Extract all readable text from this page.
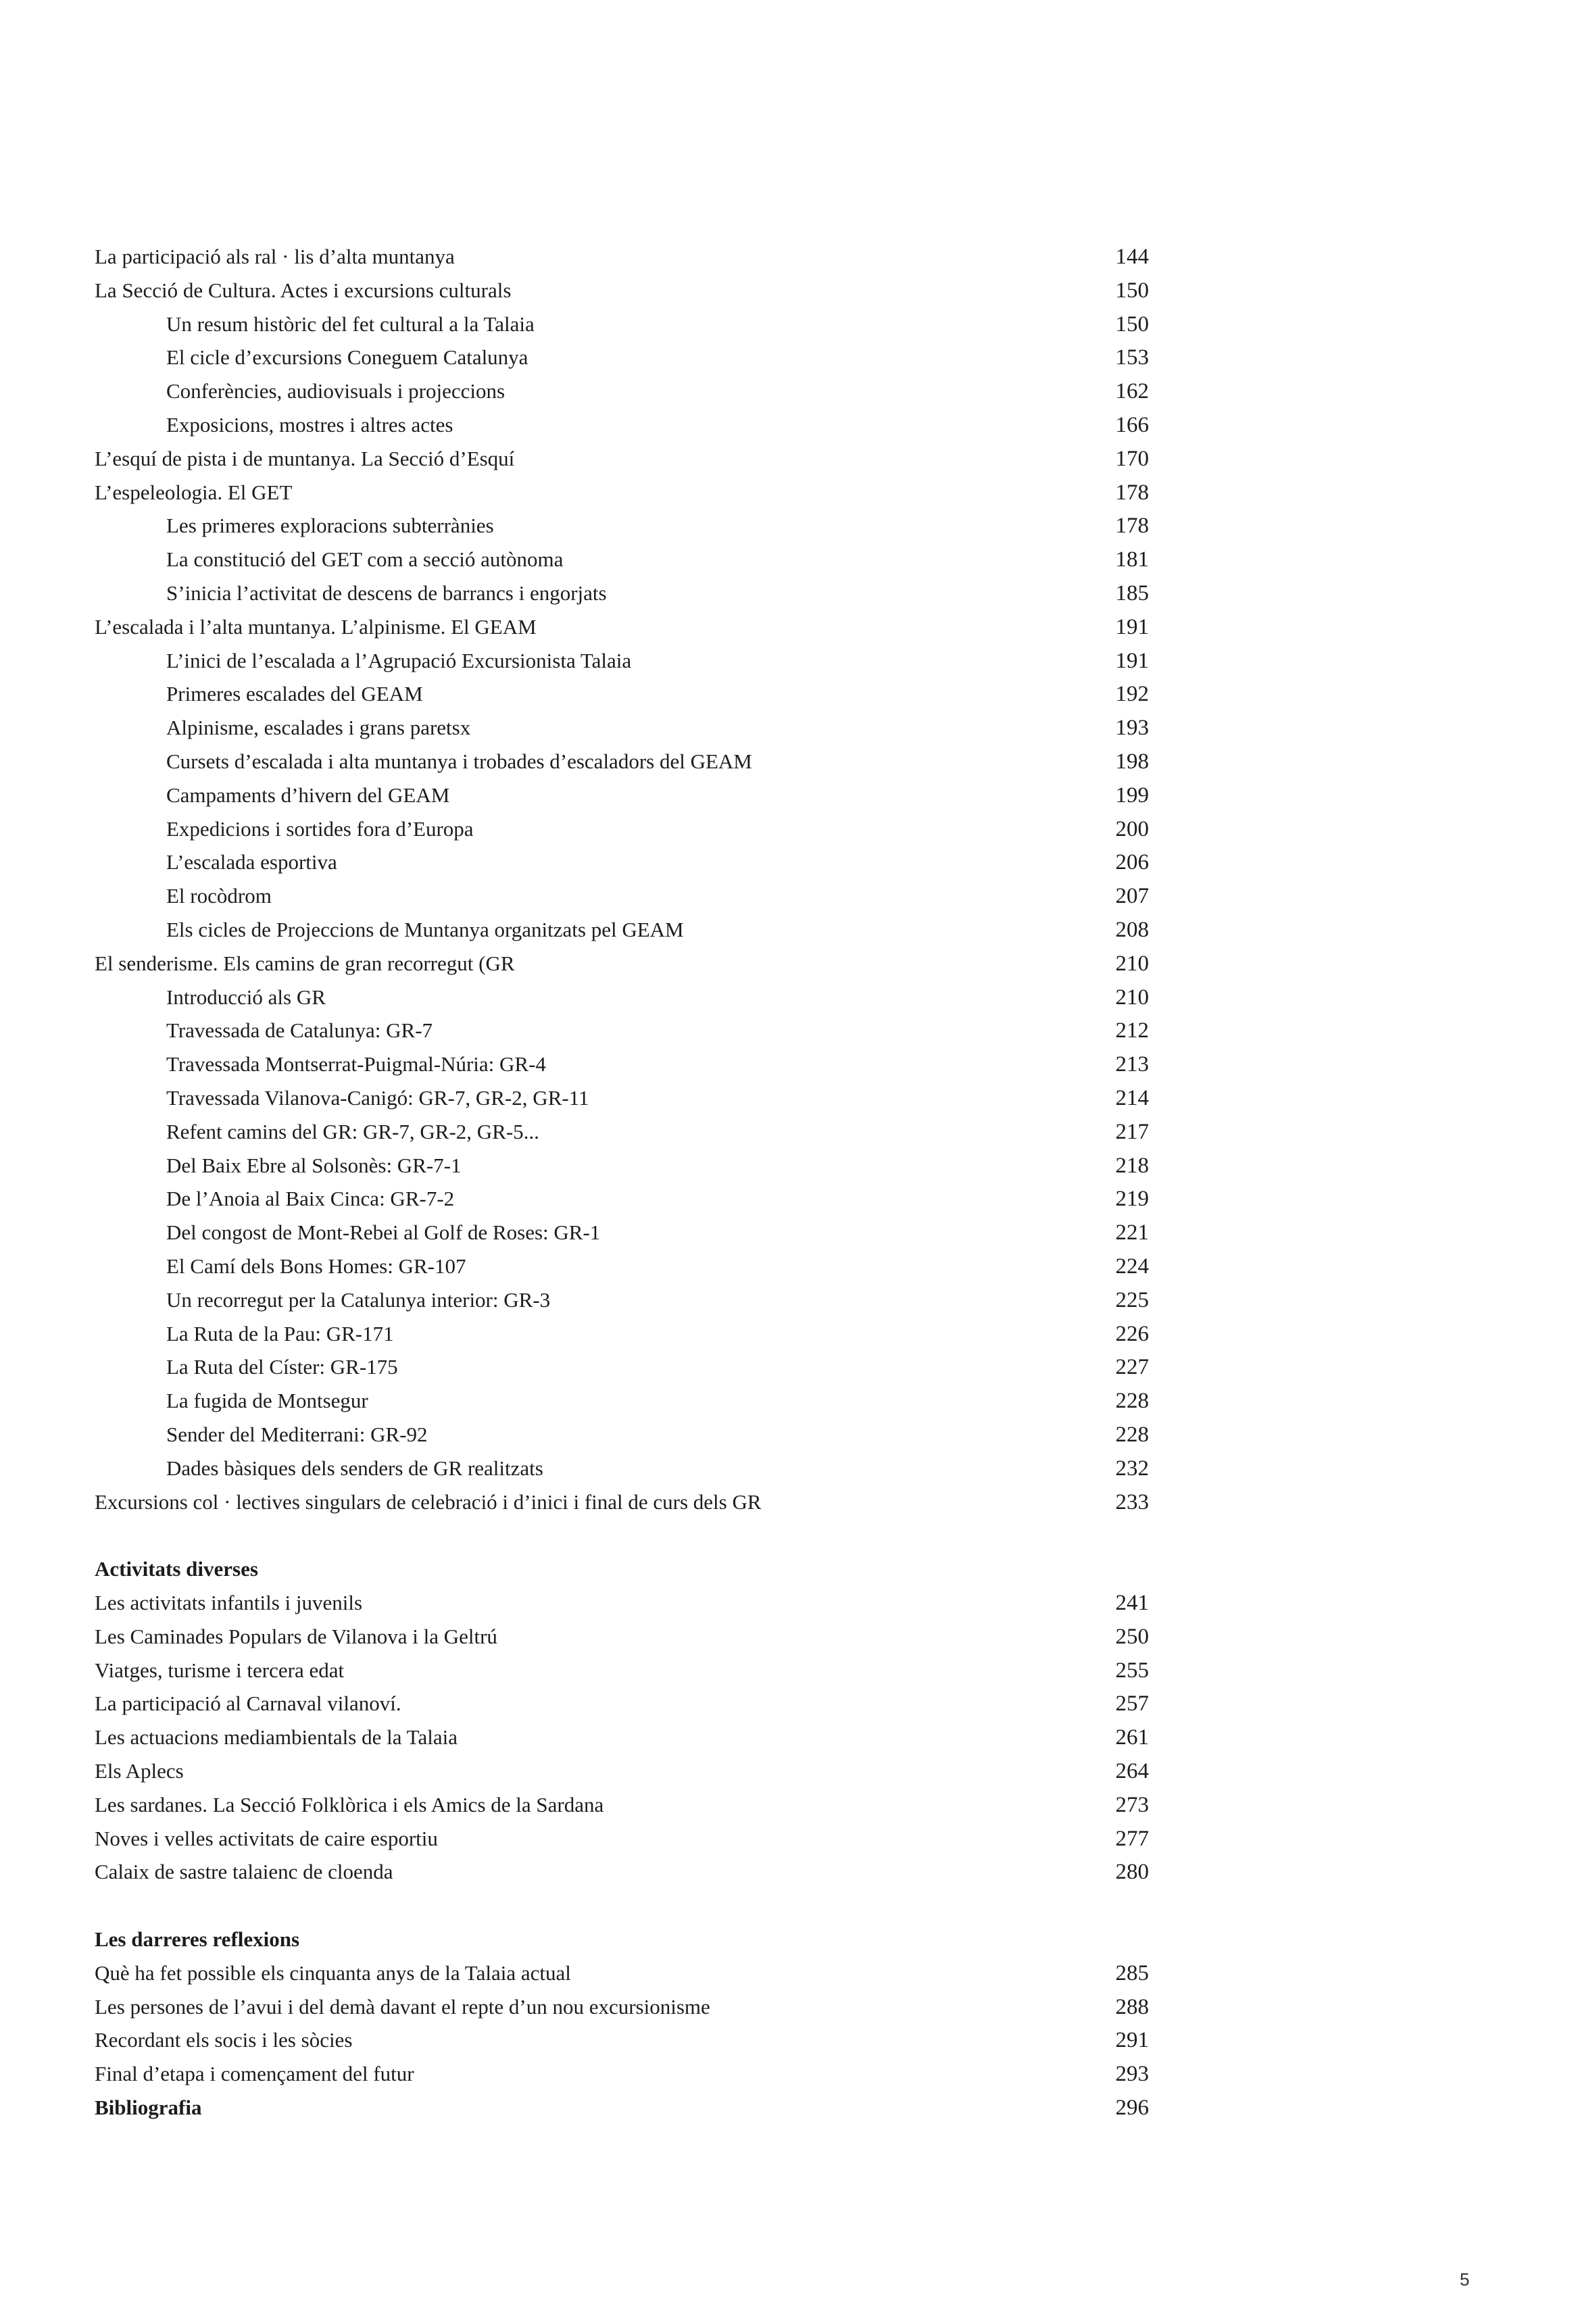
La participació als ral · lis d’alta muntanya	144
La Secció de Cultura. Actes i excursions culturals	150
Un resum històric del fet cultural a la Talaia	150
El cicle d’excursions Coneguem Catalunya	153
Conferències, audiovisuals i projeccions	162
Exposicions, mostres i altres actes	166
L’esquí de pista i de muntanya. La Secció d’Esquí	170
L’espeleologia. El GET	178
Les primeres exploracions subterrànies	178
La constitució del GET com a secció autònoma	181
S’inicia l’activitat de descens de barrancs i engorjats	185
L’escalada i l’alta muntanya. L’alpinisme. El GEAM	191
L’inici de l’escalada a l’Agrupació Excursionista Talaia	191
Primeres escalades del GEAM	192
Alpinisme, escalades i grans paretsx	193
Cursets d’escalada i alta muntanya i trobades d’escaladors del GEAM	198
Campaments d’hivern del GEAM	199
Expedicions i sortides fora d’Europa	200
L’escalada esportiva	206
El rocòdrom	207
Els cicles de Projeccions de Muntanya organitzats pel GEAM	208
El senderisme. Els camins de gran recorregut (GR	210
Introducció als GR	210
Travessada de Catalunya: GR-7	212
Travessada Montserrat-Puigmal-Núria: GR-4	213
Travessada Vilanova-Canigó: GR-7, GR-2, GR-11	214
Refent camins del GR: GR-7, GR-2, GR-5...	217
Del Baix Ebre al Solsonès: GR-7-1	218
De l’Anoia al Baix Cinca: GR-7-2	219
Del congost de Mont-Rebei al Golf de Roses: GR-1	221
El Camí dels Bons Homes: GR-107	224
Un recorregut per la Catalunya interior: GR-3	225
La Ruta de la Pau: GR-171	226
La Ruta del Císter: GR-175	227
La fugida de Montsegur	228
Sender del Mediterrani: GR-92	228
Dades bàsiques dels senders de GR realitzats	232
Excursions col · lectives singulars de celebració i d’inici i final de curs dels GR	233
Activitats diverses
Les activitats infantils i juvenils	241
Les Caminades Populars de Vilanova i la Geltrú	250
Viatges, turisme i tercera edat	255
La participació al Carnaval vilanoví.	257
Les actuacions mediambientals de la Talaia	261
Els Aplecs	264
Les sardanes. La Secció Folklòrica i els Amics de la Sardana	273
Noves i velles activitats de caire esportiu	277
Calaix de sastre talaienc de cloenda	280
Les darreres reflexions
Què ha fet possible els cinquanta anys de la Talaia actual	285
Les persones de l’avui i del demà davant el repte d’un nou excursionisme	288
Recordant els socis i les sòcies	291
Final d’etapa i començament del futur	293
Bibliografia	296
5
